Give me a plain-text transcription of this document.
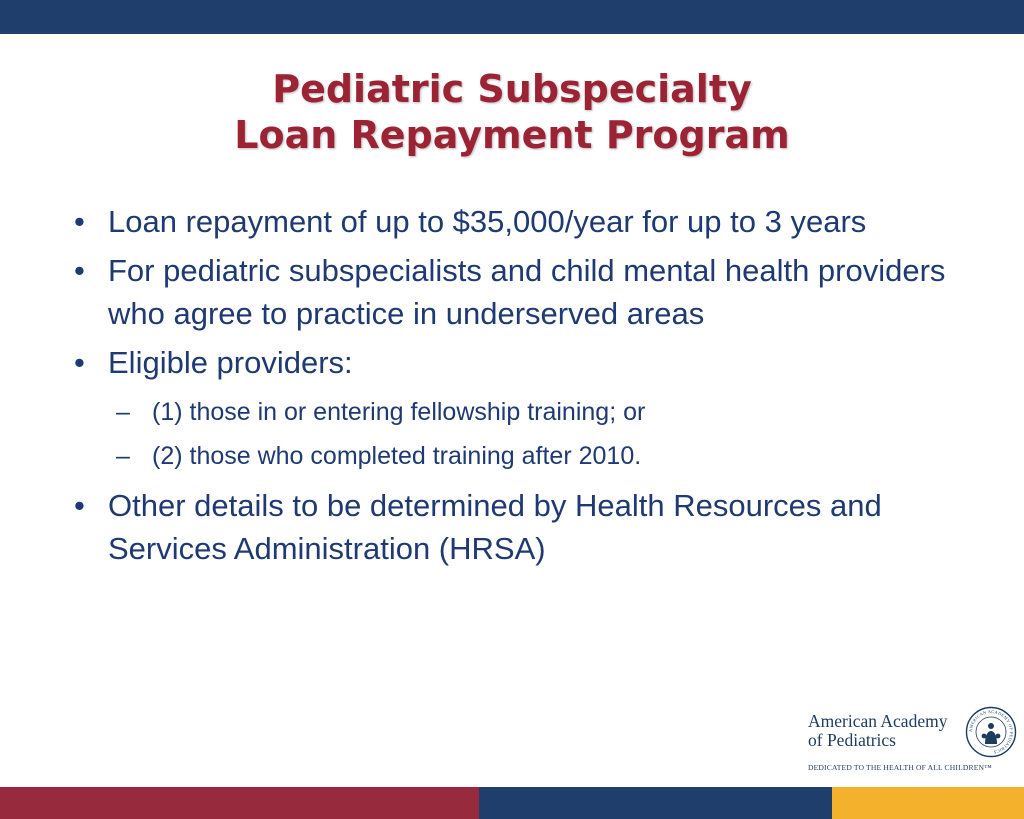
Pediatric Subspecialty
Loan Repayment Program
• Loan repayment of up to $35,000/year for up to 3 years
• For pediatric subspecialists and child mental health providers who agree to practice in underserved areas
• Eligible providers:
– (1) those in or entering fellowship training; or
– (2) those who completed training after 2010.
• Other details to be determined by Health Resources and Services Administration (HRSA)
American Academy
of Pediatrics
DEDICATED TO THE HEALTH OF ALL CHILDREN™
AMERICAN ACADEMY OF PEDIATRICS
